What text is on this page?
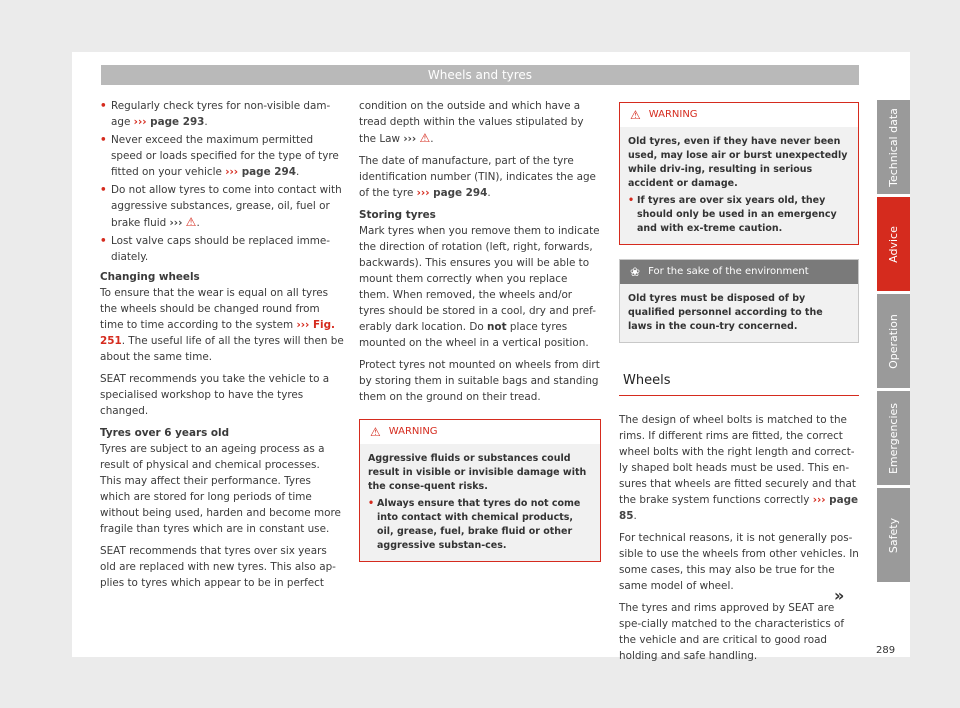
Wheels and tyres

• Regularly check tyres for non-visible dam-age ››› page 293.

• Never exceed the maximum permitted speed or loads specified for the type of tyre fitted on your vehicle ››› page 294.

• Do not allow tyres to come into contact with aggressive substances, grease, oil, fuel or brake fluid ››› ⚠.

• Lost valve caps should be replaced imme-diately.

Changing wheels

To ensure that the wear is equal on all tyres the wheels should be changed round from time to time according to the system ››› Fig. 251. The useful life of all the tyres will then be about the same time.

SEAT recommends you take the vehicle to a specialised workshop to have the tyres changed.

Tyres over 6 years old

Tyres are subject to an ageing process as a result of physical and chemical processes. This may affect their performance. Tyres which are stored for long periods of time without being used, harden and become more fragile than tyres which are in constant use.

SEAT recommends that tyres over six years old are replaced with new tyres. This also ap-plies to tyres which appear to be in perfect

condition on the outside and which have a tread depth within the values stipulated by the Law ››› ⚠.

The date of manufacture, part of the tyre identification number (TIN), indicates the age of the tyre ››› page 294.

Storing tyres

Mark tyres when you remove them to indicate the direction of rotation (left, right, forwards, backwards). This ensures you will be able to mount them correctly when you replace them. When removed, the wheels and/or tyres should be stored in a cool, dry and pref-erably dark location. Do not place tyres mounted on the wheel in a vertical position.

Protect tyres not mounted on wheels from dirt by storing them in suitable bags and standing them on the ground on their tread.

⚠ WARNING

Aggressive fluids or substances could result in visible or invisible damage with the conse-quent risks.

• Always ensure that tyres do not come into contact with chemical products, oil, grease, fuel, brake fluid or other aggressive substan-ces.

⚠ WARNING

Old tyres, even if they have never been used, may lose air or burst unexpectedly while driv-ing, resulting in serious accident or damage.

• If tyres are over six years old, they should only be used in an emergency and with ex-treme caution.

❀ For the sake of the environment
Old tyres must be disposed of by qualified personnel according to the laws in the coun-try concerned.
Wheels

The design of wheel bolts is matched to the rims. If different rims are fitted, the correct wheel bolts with the right length and correct-ly shaped bolt heads must be used. This en-sures that wheels are fitted securely and that the brake system functions correctly ››› page 85.

For technical reasons, it is not generally pos-sible to use the wheels from other vehicles. In some cases, this may also be true for the same model of wheel.

The tyres and rims approved by SEAT are spe-cially matched to the characteristics of the vehicle and are critical to good road holding and safe handling.

»
Technical data
Advice
Operation
Emergencies
Safety
289
